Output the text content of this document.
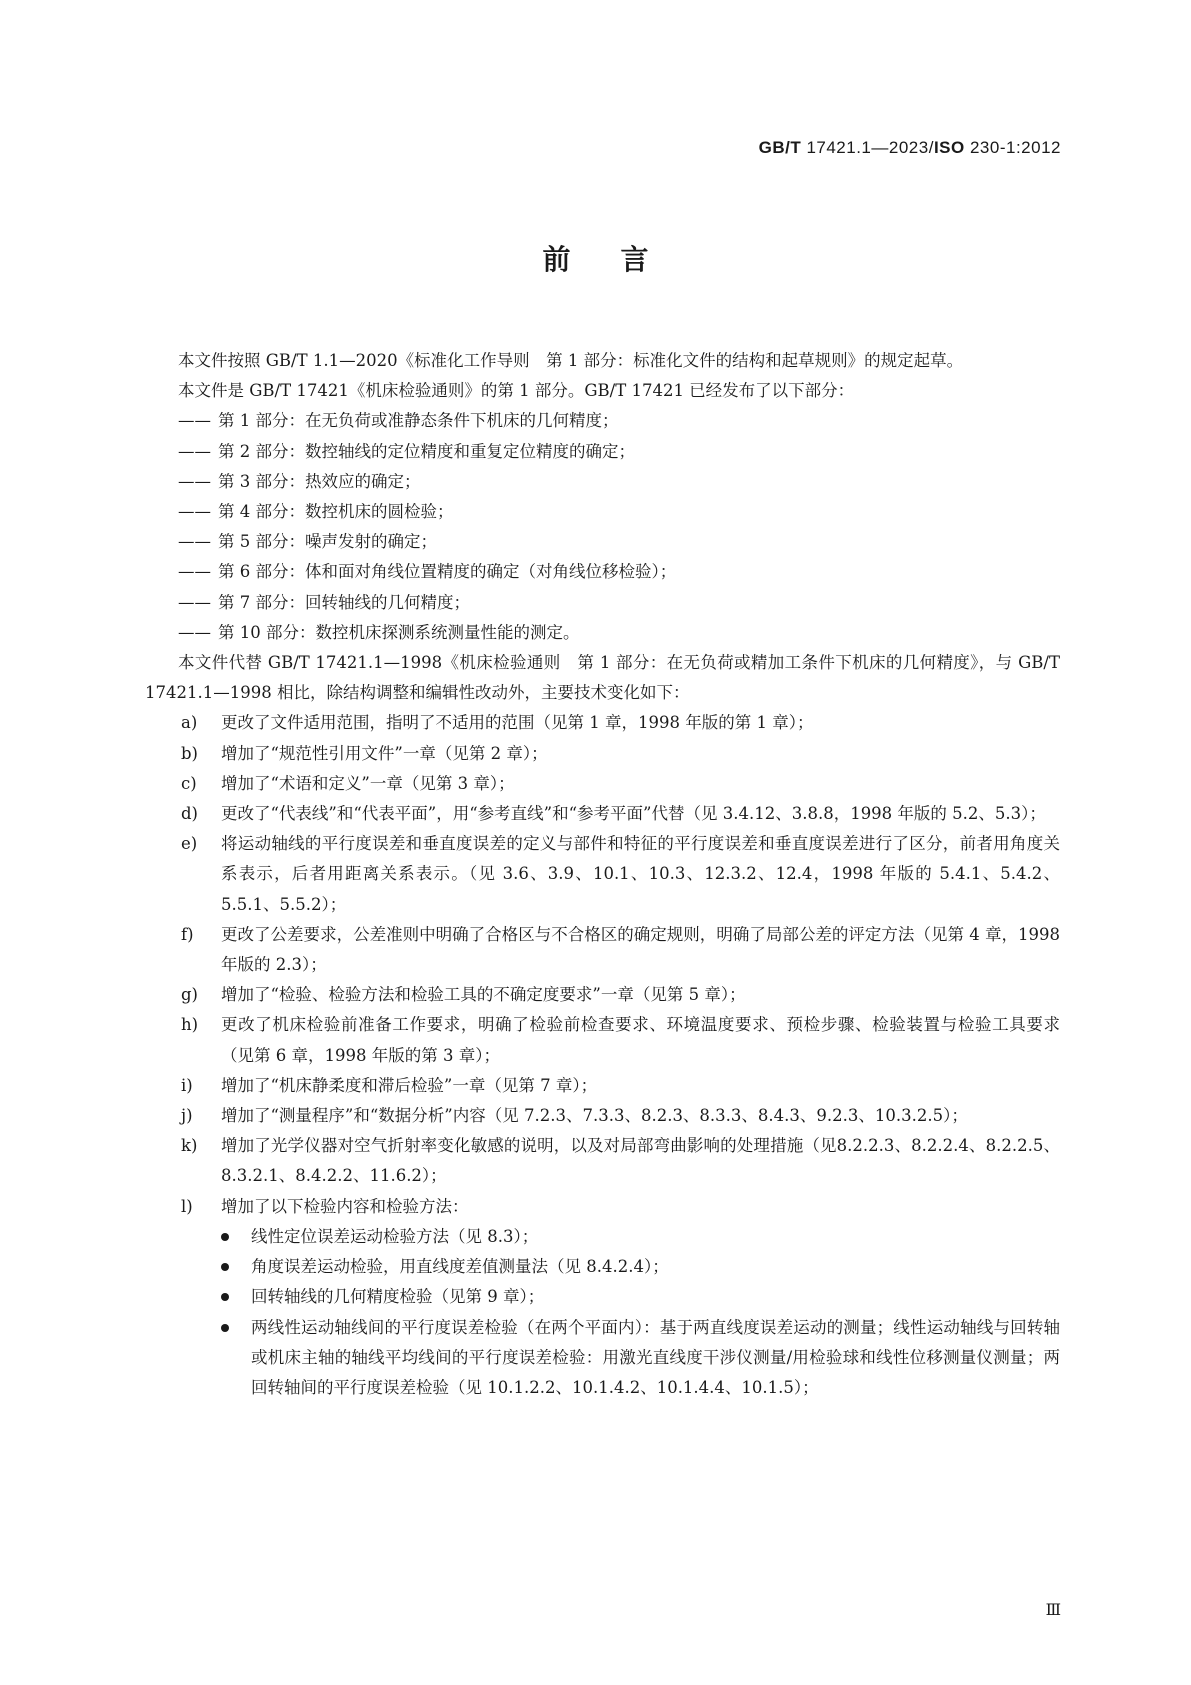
GB/T 17421.1—2023/ISO 230-1:2012
前言

本文件按照 GB/T 1.1—2020《标准化工作导则　第 1 部分：标准化文件的结构和起草规则》的规定起草。

本文件是 GB/T 17421《机床检验通则》的第 1 部分。GB/T 17421 已经发布了以下部分：

—— 第 1 部分：在无负荷或准静态条件下机床的几何精度；
—— 第 2 部分：数控轴线的定位精度和重复定位精度的确定；
—— 第 3 部分：热效应的确定；
—— 第 4 部分：数控机床的圆检验；
—— 第 5 部分：噪声发射的确定；
—— 第 6 部分：体和面对角线位置精度的确定（对角线位移检验）；
—— 第 7 部分：回转轴线的几何精度；
—— 第 10 部分：数控机床探测系统测量性能的测定。

本文件代替 GB/T 17421.1—1998《机床检验通则　第 1 部分：在无负荷或精加工条件下机床的几何精度》，与 GB/T 17421.1—1998 相比，除结构调整和编辑性改动外，主要技术变化如下：

a) 更改了文件适用范围，指明了不适用的范围（见第 1 章，1998 年版的第 1 章）；
b) 增加了“规范性引用文件”一章（见第 2 章）；
c) 增加了“术语和定义”一章（见第 3 章）；
d) 更改了“代表线”和“代表平面”，用“参考直线”和“参考平面”代替（见 3.4.12、3.8.8，1998 年版的 5.2、5.3）；
e) 将运动轴线的平行度误差和垂直度误差的定义与部件和特征的平行度误差和垂直度误差进行了区分，前者用角度关系表示，后者用距离关系表示。（见 3.6、3.9、10.1、10.3、12.3.2、12.4，1998 年版的 5.4.1、5.4.2、5.5.1、5.5.2）；
f) 更改了公差要求，公差准则中明确了合格区与不合格区的确定规则，明确了局部公差的评定方法（见第 4 章，1998 年版的 2.3）；
g) 增加了“检验、检验方法和检验工具的不确定度要求”一章（见第 5 章）；
h) 更改了机床检验前准备工作要求，明确了检验前检查要求、环境温度要求、预检步骤、检验装置与检验工具要求（见第 6 章，1998 年版的第 3 章）；
i) 增加了“机床静柔度和滞后检验”一章（见第 7 章）；
j) 增加了“测量程序”和“数据分析”内容（见 7.2.3、7.3.3、8.2.3、8.3.3、8.4.3、9.2.3、10.3.2.5）；
k) 增加了光学仪器对空气折射率变化敏感的说明，以及对局部弯曲影响的处理措施（见8.2.2.3、8.2.2.4、8.2.2.5、8.3.2.1、8.4.2.2、11.6.2）；
l) 增加了以下检验内容和检验方法：
线性定位误差运动检验方法（见 8.3）；
角度误差运动检验，用直线度差值测量法（见 8.4.2.4）；
回转轴线的几何精度检验（见第 9 章）；
两线性运动轴线间的平行度误差检验（在两个平面内）：基于两直线度误差运动的测量；线性运动轴线与回转轴或机床主轴的轴线平均线间的平行度误差检验：用激光直线度干涉仪测量/用检验球和线性位移测量仪测量；两回转轴间的平行度误差检验（见 10.1.2.2、10.1.4.2、10.1.4.4、10.1.5）；
Ⅲ
